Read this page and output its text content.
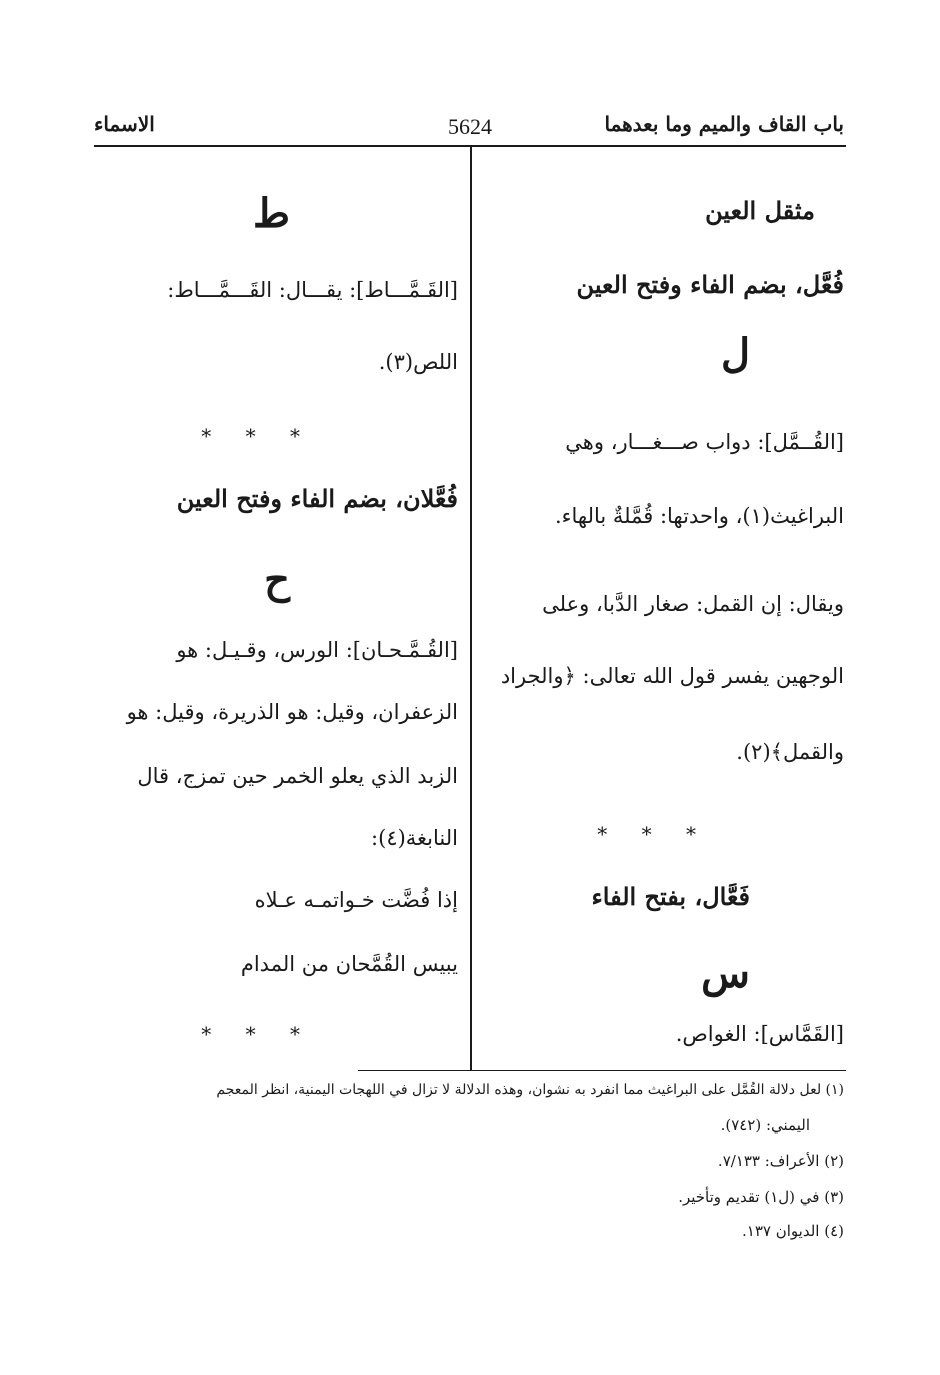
باب القاف والميم وما بعدهما
5624
الاسماء
مثقل العين
فُعَّل، بضم الفاء وفتح العين
ل
[القُــمَّل]: دواب صـــغـــار، وهي
البراغيث(١)، واحدتها: قُمَّلةٌ بالهاء.
ويقال: إن القمل: صغار الدَّبا، وعلى
الوجهين يفسر قول الله تعالى: ﴿والجراد
والقمل﴾(٢).
* * *
فَعَّال، بفتح الفاء
س
[القَمَّاس]: الغواص.
ط
[القَـمَّـــاط]: يقـــال: القَـــمَّـــاط:
اللص(٣).
* * *
فُعَّلان، بضم الفاء وفتح العين
ح
[القُـمَّـحـان]: الورس، وقـيـل: هو
الزعفران، وقيل: هو الذريرة، وقيل: هو
الزبد الذي يعلو الخمر حين تمزج، قال
النابغة(٤):
إذا فُضَّت خـواتمـه عـلاه
يبيس القُمَّحان من المدام
* * *
(١) لعل دلالة القُمَّل على البراغيث مما انفرد به نشوان، وهذه الدلالة لا تزال في اللهجات اليمنية، انظر المعجم
اليمني: (٧٤٢).
(٢) الأعراف: ٧/١٣٣.
(٣) في (ل١) تقديم وتأخير.
(٤) الديوان ١٣٧.
